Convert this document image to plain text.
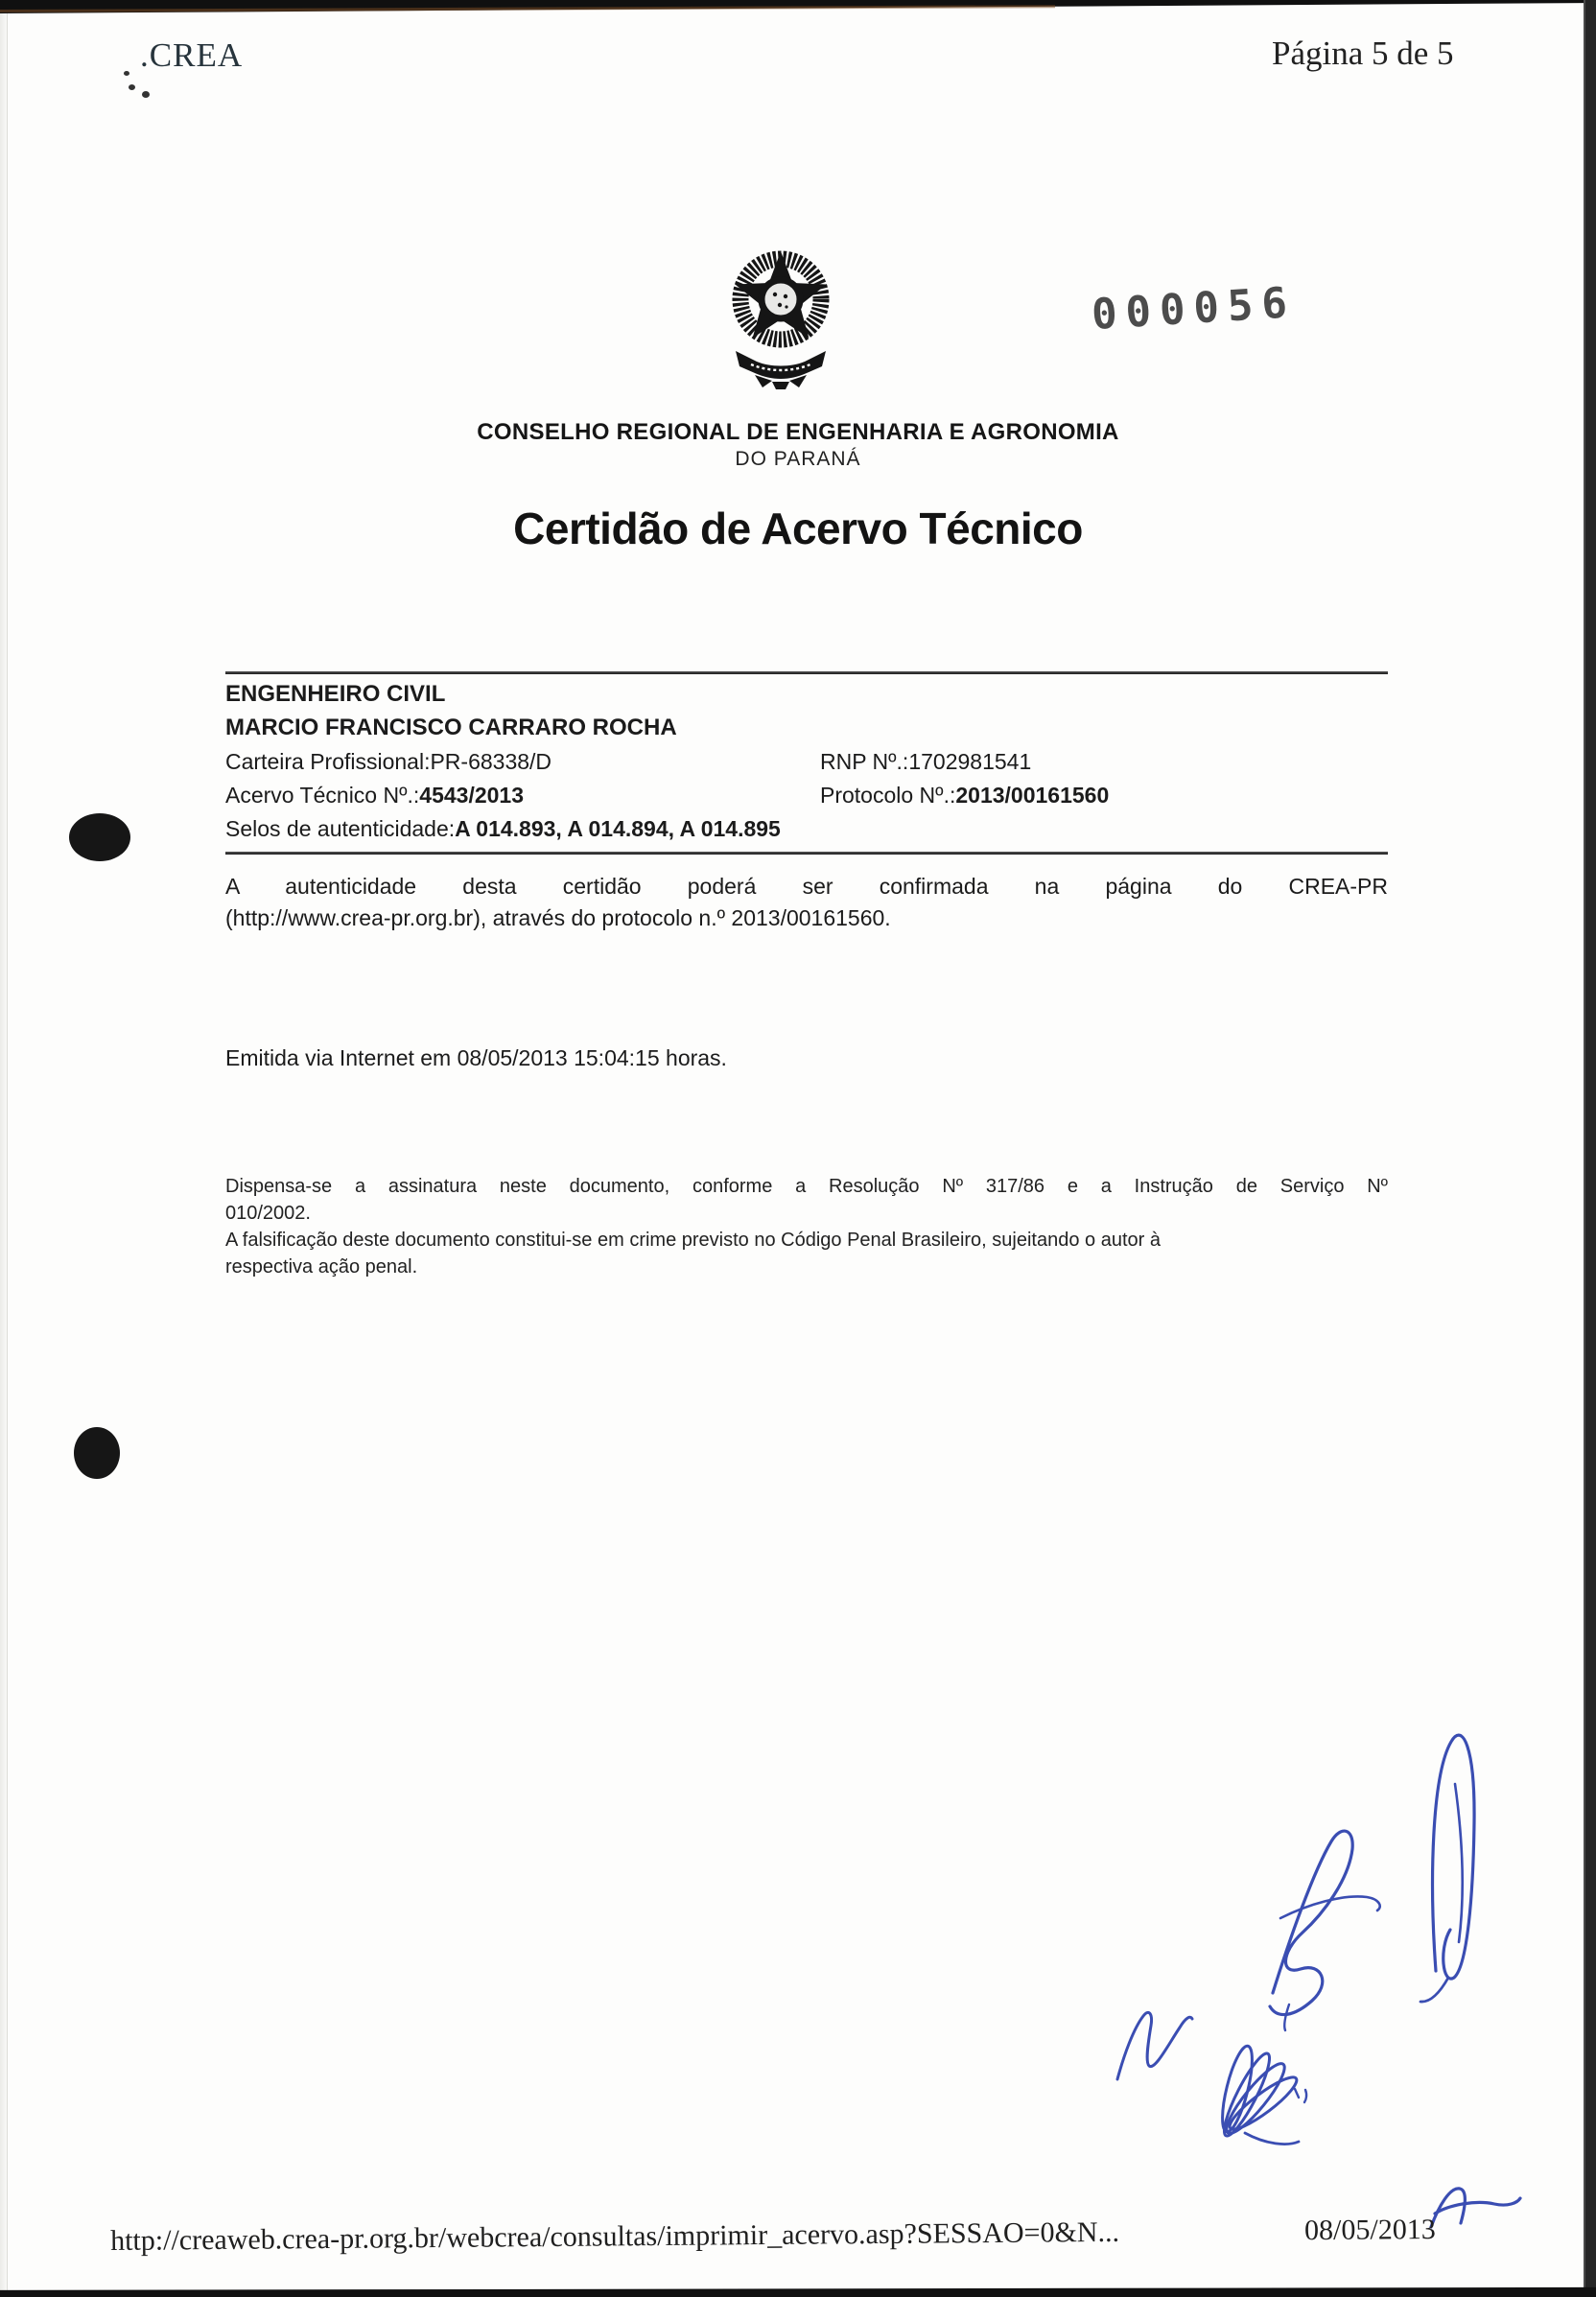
.CREA	Página 5 de 5
000056
CONSELHO REGIONAL DE ENGENHARIA E AGRONOMIA
DO PARANÁ
Certidão de Acervo Técnico
ENGENHEIRO CIVIL
MARCIO FRANCISCO CARRARO ROCHA
Carteira Profissional:PR-68338/D	RNP Nº.:1702981541
Acervo Técnico Nº.:4543/2013	Protocolo Nº.:2013/00161560
Selos de autenticidade:A 014.893, A 014.894, A 014.895
A autenticidade desta certidão poderá ser confirmada na página do CREA-PR
(http://www.crea-pr.org.br), através do protocolo n.º 2013/00161560.
Emitida via Internet em 08/05/2013 15:04:15 horas.
Dispensa-se a assinatura neste documento, conforme a Resolução Nº 317/86 e a Instrução de Serviço Nº
010/2002.
A falsificação deste documento constitui-se em crime previsto no Código Penal Brasileiro, sujeitando o autor à
respectiva ação penal.
http://creaweb.crea-pr.org.br/webcrea/consultas/imprimir_acervo.asp?SESSAO=0&N...	08/05/2013
